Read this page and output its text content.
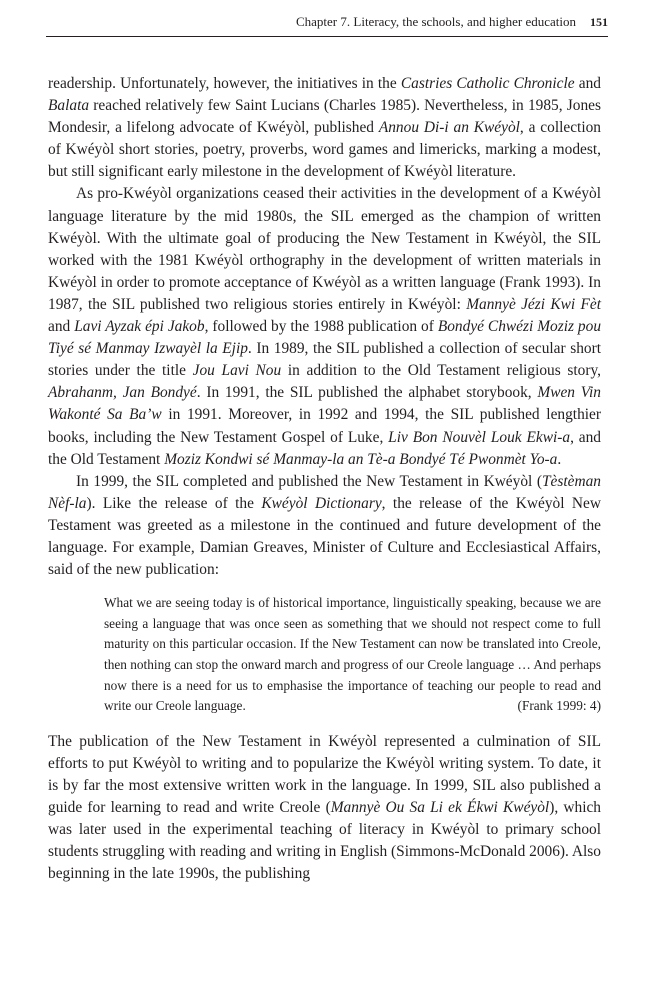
Chapter 7. Literacy, the schools, and higher education 151

readership. Unfortunately, however, the initiatives in the Castries Catholic Chronicle and Balata reached relatively few Saint Lucians (Charles 1985). Nevertheless, in 1985, Jones Mondesir, a lifelong advocate of Kwéyòl, published Annou Di-i an Kwéyòl, a collection of Kwéyòl short stories, poetry, proverbs, word games and limericks, marking a modest, but still significant early milestone in the development of Kwéyòl literature.

As pro-Kwéyòl organizations ceased their activities in the development of a Kwéyòl language literature by the mid 1980s, the SIL emerged as the champion of written Kwéyòl. With the ultimate goal of producing the New Testament in Kwéyòl, the SIL worked with the 1981 Kwéyòl orthography in the development of written materials in Kwéyòl in order to promote acceptance of Kwéyòl as a written language (Frank 1993). In 1987, the SIL published two religious stories entirely in Kwéyòl: Mannyè Jézi Kwi Fèt and Lavi Ayzak épi Jakob, followed by the 1988 publication of Bondyé Chwézi Moziz pou Tiyé sé Manmay Izwayèl la Ejip. In 1989, the SIL published a collection of secular short stories under the title Jou Lavi Nou in addition to the Old Testament religious story, Abrahanm, Jan Bondyé. In 1991, the SIL published the alphabet storybook, Mwen Vin Wakonté Sa Ba’w in 1991. Moreover, in 1992 and 1994, the SIL published lengthier books, including the New Testament Gospel of Luke, Liv Bon Nouvèl Louk Ekwi-a, and the Old Testament Moziz Kondwi sé Manmay-la an Tè-a Bondyé Té Pwonmèt Yo-a.

In 1999, the SIL completed and published the New Testament in Kwéyòl (Tèstèman Nèf-la). Like the release of the Kwéyòl Dictionary, the release of the Kwéyòl New Testament was greeted as a milestone in the continued and future development of the language. For example, Damian Greaves, Minister of Culture and Ecclesiastical Affairs, said of the new publication:

What we are seeing today is of historical importance, linguistically speaking, because we are seeing a language that was once seen as something that we should not respect come to full maturity on this particular occasion. If the New Testament can now be translated into Creole, then nothing can stop the onward march and progress of our Creole language … And perhaps now there is a need for us to emphasise the importance of teaching our people to read and write our Creole language.	(Frank 1999: 4)

The publication of the New Testament in Kwéyòl represented a culmination of SIL efforts to put Kwéyòl to writing and to popularize the Kwéyòl writing system. To date, it is by far the most extensive written work in the language. In 1999, SIL also published a guide for learning to read and write Creole (Mannyè Ou Sa Li ek Ékwi Kwéyòl), which was later used in the experimental teaching of literacy in Kwéyòl to primary school students struggling with reading and writing in English (Simmons-McDonald 2006). Also beginning in the late 1990s, the publishing
